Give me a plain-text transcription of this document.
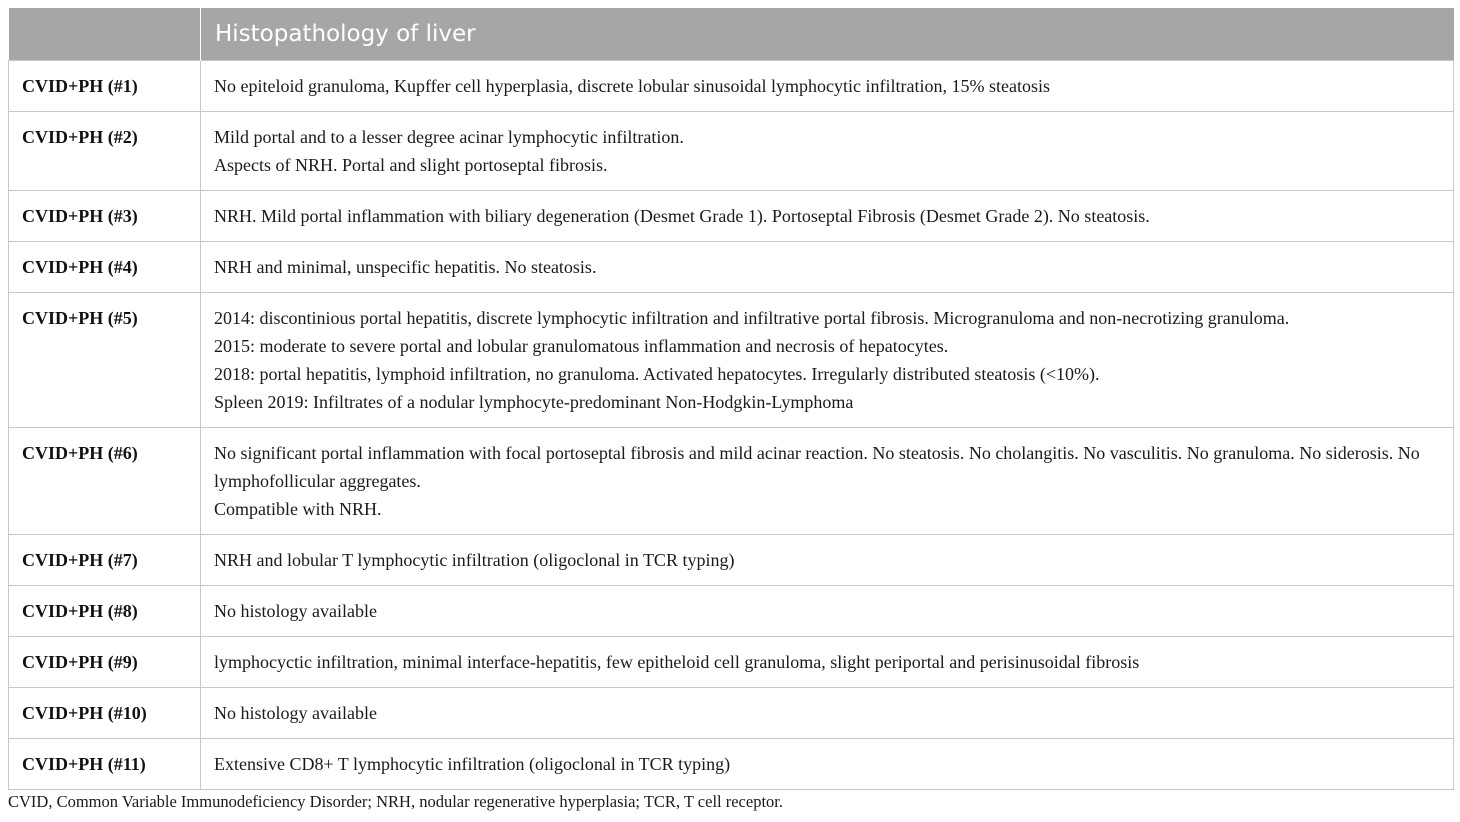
	Histopathology of liver
CVID+PH (#1)	No epiteloid granuloma, Kupffer cell hyperplasia, discrete lobular sinusoidal lymphocytic infiltration, 15% steatosis

CVID+PH (#2)	Mild portal and to a lesser degree acinar lymphocytic infiltration.
Aspects of NRH. Portal and slight portoseptal fibrosis.

CVID+PH (#3)	NRH. Mild portal inflammation with biliary degeneration (Desmet Grade 1). Portoseptal Fibrosis (Desmet Grade 2). No steatosis.

CVID+PH (#4)	NRH and minimal, unspecific hepatitis. No steatosis.

CVID+PH (#5)	2014: discontinious portal hepatitis, discrete lymphocytic infiltration and infiltrative portal fibrosis. Microgranuloma and non-necrotizing granuloma.
2015: moderate to severe portal and lobular granulomatous inflammation and necrosis of hepatocytes.
2018: portal hepatitis, lymphoid infiltration, no granuloma. Activated hepatocytes. Irregularly distributed steatosis (<10%).
Spleen 2019: Infiltrates of a nodular lymphocyte-predominant Non-Hodgkin-Lymphoma

CVID+PH (#6)	No significant portal inflammation with focal portoseptal fibrosis and mild acinar reaction. No steatosis. No cholangitis. No vasculitis. No granuloma. No siderosis. No lymphofollicular aggregates.
Compatible with NRH.

CVID+PH (#7)	NRH and lobular T lymphocytic infiltration (oligoclonal in TCR typing)

CVID+PH (#8)	No histology available

CVID+PH (#9)	lymphocyctic infiltration, minimal interface-hepatitis, few epitheloid cell granuloma, slight periportal and perisinusoidal fibrosis

CVID+PH (#10)	No histology available

CVID+PH (#11)	Extensive CD8+ T lymphocytic infiltration (oligoclonal in TCR typing)
CVID, Common Variable Immunodeficiency Disorder; NRH, nodular regenerative hyperplasia; TCR, T cell receptor.
